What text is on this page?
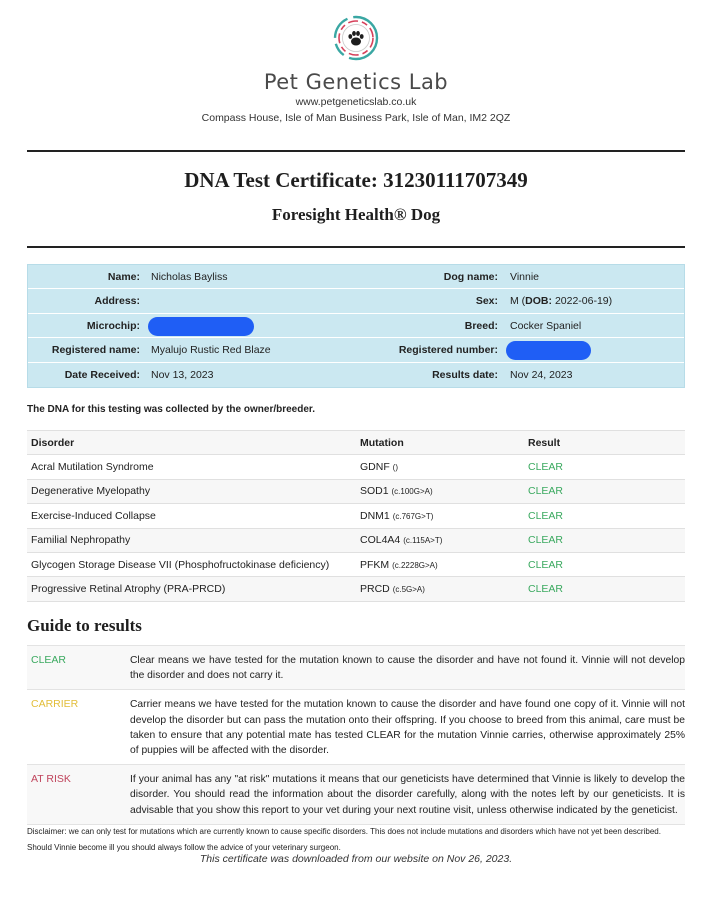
Pet Genetics Lab
www.petgeneticslab.co.uk
Compass House, Isle of Man Business Park, Isle of Man, IM2 2QZ
DNA Test Certificate: 31230111707349
Foresight Health® Dog
Name: Nicholas Bayliss	Dog name: Vinnie
Address:	Sex: M (DOB: 2022-06-19)
Microchip:	Breed: Cocker Spaniel
Registered name: Myalujo Rustic Red Blaze	Registered number:
Date Received: Nov 13, 2023	Results date: Nov 24, 2023
The DNA for this testing was collected by the owner/breeder.
Disorder	Mutation	Result
Acral Mutilation Syndrome	GDNF ()	CLEAR
Degenerative Myelopathy	SOD1 (c.100G>A)	CLEAR
Exercise-Induced Collapse	DNM1 (c.767G>T)	CLEAR
Familial Nephropathy	COL4A4 (c.115A>T)	CLEAR
Glycogen Storage Disease VII (Phosphofructokinase deficiency)	PFKM (c.2228G>A)	CLEAR
Progressive Retinal Atrophy (PRA-PRCD)	PRCD (c.5G>A)	CLEAR
Guide to results
CLEAR	Clear means we have tested for the mutation known to cause the disorder and have not found it. Vinnie will not develop the disorder and does not carry it.
CARRIER	Carrier means we have tested for the mutation known to cause the disorder and have found one copy of it. Vinnie will not develop the disorder but can pass the mutation onto their offspring. If you choose to breed from this animal, care must be taken to ensure that any potential mate has tested CLEAR for the mutation Vinnie carries, otherwise approximately 25% of puppies will be affected with the disorder.
AT RISK	If your animal has any "at risk" mutations it means that our geneticists have determined that Vinnie is likely to develop the disorder. You should read the information about the disorder carefully, along with the notes left by our geneticists. It is advisable that you show this report to your vet during your next routine visit, unless otherwise indicated by the geneticist.
Disclaimer: we can only test for mutations which are currently known to cause specific disorders. This does not include mutations and disorders which have not yet been described. Should Vinnie become ill you should always follow the advice of your veterinary surgeon.
This certificate was downloaded from our website on Nov 26, 2023.
